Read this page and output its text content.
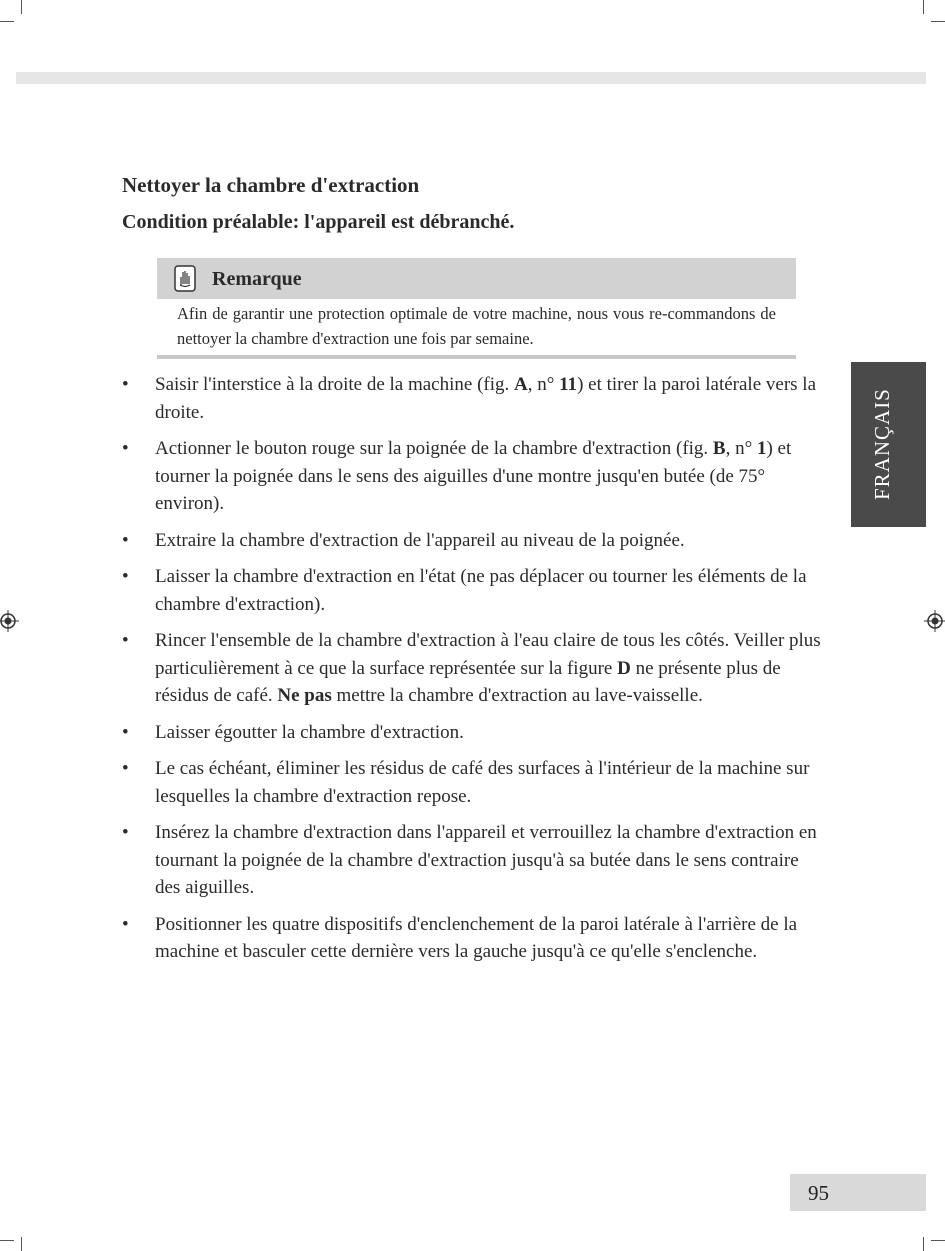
Nettoyer la chambre d'extraction
Condition préalable: l'appareil est débranché.
Remarque
Afin de garantir une protection optimale de votre machine, nous vous re-commandons de nettoyer la chambre d'extraction une fois par semaine.
• Saisir l'interstice à la droite de la machine (fig. A, n° 11) et tirer la paroi latérale vers la droite.
• Actionner le bouton rouge sur la poignée de la chambre d'extraction (fig. B, n° 1) et tourner la poignée dans le sens des aiguilles d'une montre jusqu'en butée (de 75° environ).
• Extraire la chambre d'extraction de l'appareil au niveau de la poignée.
• Laisser la chambre d'extraction en l'état (ne pas déplacer ou tourner les éléments de la chambre d'extraction).
• Rincer l'ensemble de la chambre d'extraction à l'eau claire de tous les côtés. Veiller plus particulièrement à ce que la surface représentée sur la figure D ne présente plus de résidus de café. Ne pas mettre la chambre d'extraction au lave-vaisselle.
• Laisser égoutter la chambre d'extraction.
• Le cas échéant, éliminer les résidus de café des surfaces à l'intérieur de la machine sur lesquelles la chambre d'extraction repose.
• Insérez la chambre d'extraction dans l'appareil et verrouillez la chambre d'extraction en tournant la poignée de la chambre d'extraction jusqu'à sa butée dans le sens contraire des aiguilles.
• Positionner les quatre dispositifs d'enclenchement de la paroi latérale à l'arrière de la machine et basculer cette dernière vers la gauche jusqu'à ce qu'elle s'enclenche.
FRANÇAIS
95
